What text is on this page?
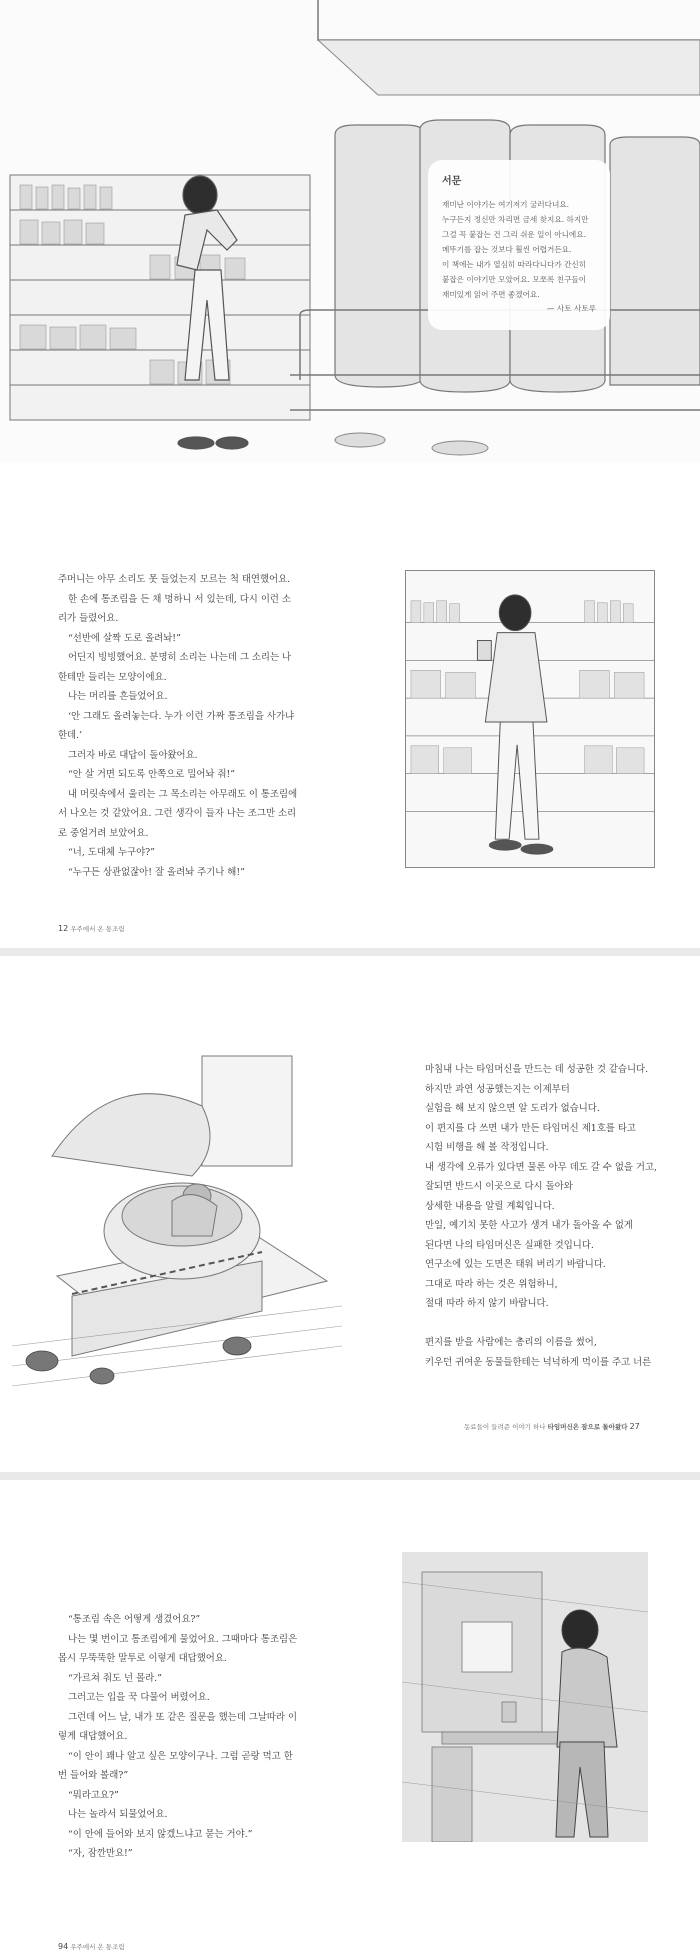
서문
재미난 이야기는 여기저기 굴러다녀요.
누구든지 정신만 차리면 금세 찾지요. 하지만
그걸 꼭 붙잡는 건 그리 쉬운 일이 아니에요.
메뚜기를 잡는 것보다 훨씬 어렵거든요.
이 책에는 내가 열심히 따라다니다가 간신히
붙잡은 이야기만 모았어요. 모쪼록 친구들이
재미있게 읽어 주면 좋겠어요.
— 사토 사토루
주머니는 아무 소리도 못 들었는지 모르는 척 태연했어요.
한 손에 통조림을 든 채 멍하니 서 있는데, 다시 이런 소
리가 들렸어요.
“선반에 살짝 도로 올려놔!”
어딘지 빙빙했어요. 분명히 소리는 나는데 그 소리는 나
한테만 들리는 모양이에요.
나는 머리를 흔들었어요.
‘안 그래도 올려놓는다. 누가 이런 가짜 통조림을 사가냐
한데.’
그러자 바로 대답이 돌아왔어요.
“안 살 거면 되도록 안쪽으로 밀어놔 줘!”
내 머릿속에서 울리는 그 목소리는 아무래도 이 통조림에
서 나오는 것 같았어요. 그런 생각이 들자 나는 조그만 소리
로 중얼거려 보았어요.
“너, 도대체 누구야?”
“누구든 상관없잖아! 잘 올려놔 주기나 해!”
12 우주에서 온 통조림
마침내 나는 타임머신을 만드는 데 성공한 것 같습니다.
하지만 과연 성공했는지는 이제부터
실험을 해 보지 않으면 알 도리가 없습니다.
이 편지를 다 쓰면 내가 만든 타임머신 제1호를 타고
시험 비행을 해 볼 작정입니다.
내 생각에 오류가 있다면 물론 아무 데도 갈 수 없을 거고,
잘되면 반드시 이곳으로 다시 돌아와
상세한 내용을 알릴 계획입니다.
만일, 예기치 못한 사고가 생겨 내가 돌아올 수 없게
된다면 나의 타임머신은 실패한 것입니다.
연구소에 있는 도면은 태워 버리기 바랍니다.
그대로 따라 하는 것은 위험하니,
절대 따라 하지 않기 바랍니다.
편지를 받을 사람에는 총리의 이름을 썼어,
키우던 귀여운 동물들한테는 넉넉하게 먹이를 주고 너른
동료들이 들려준 이야기 하나 타임머신은 잠으로 돌아왔다 27
“통조림 속은 어떻게 생겼어요?”
나는 몇 번이고 통조림에게 물었어요. 그때마다 통조림은
몹시 무뚝뚝한 말투로 이렇게 대답했어요.
“가르쳐 줘도 넌 몰라.”
그러고는 입을 꾹 다물어 버렸어요.
그런데 어느 날, 내가 또 같은 질문을 했는데 그날따라 이
렇게 대답했어요.
“이 안이 꽤나 알고 싶은 모양이구나. 그럼 곧랑 먹고 한
번 들어와 볼래?”
“뭐라고요?”
나는 놀라서 되물었어요.
“이 안에 들어와 보지 않겠느냐고 묻는 거야.”
“자, 잠깐만요!”
94 우주에서 온 통조림
